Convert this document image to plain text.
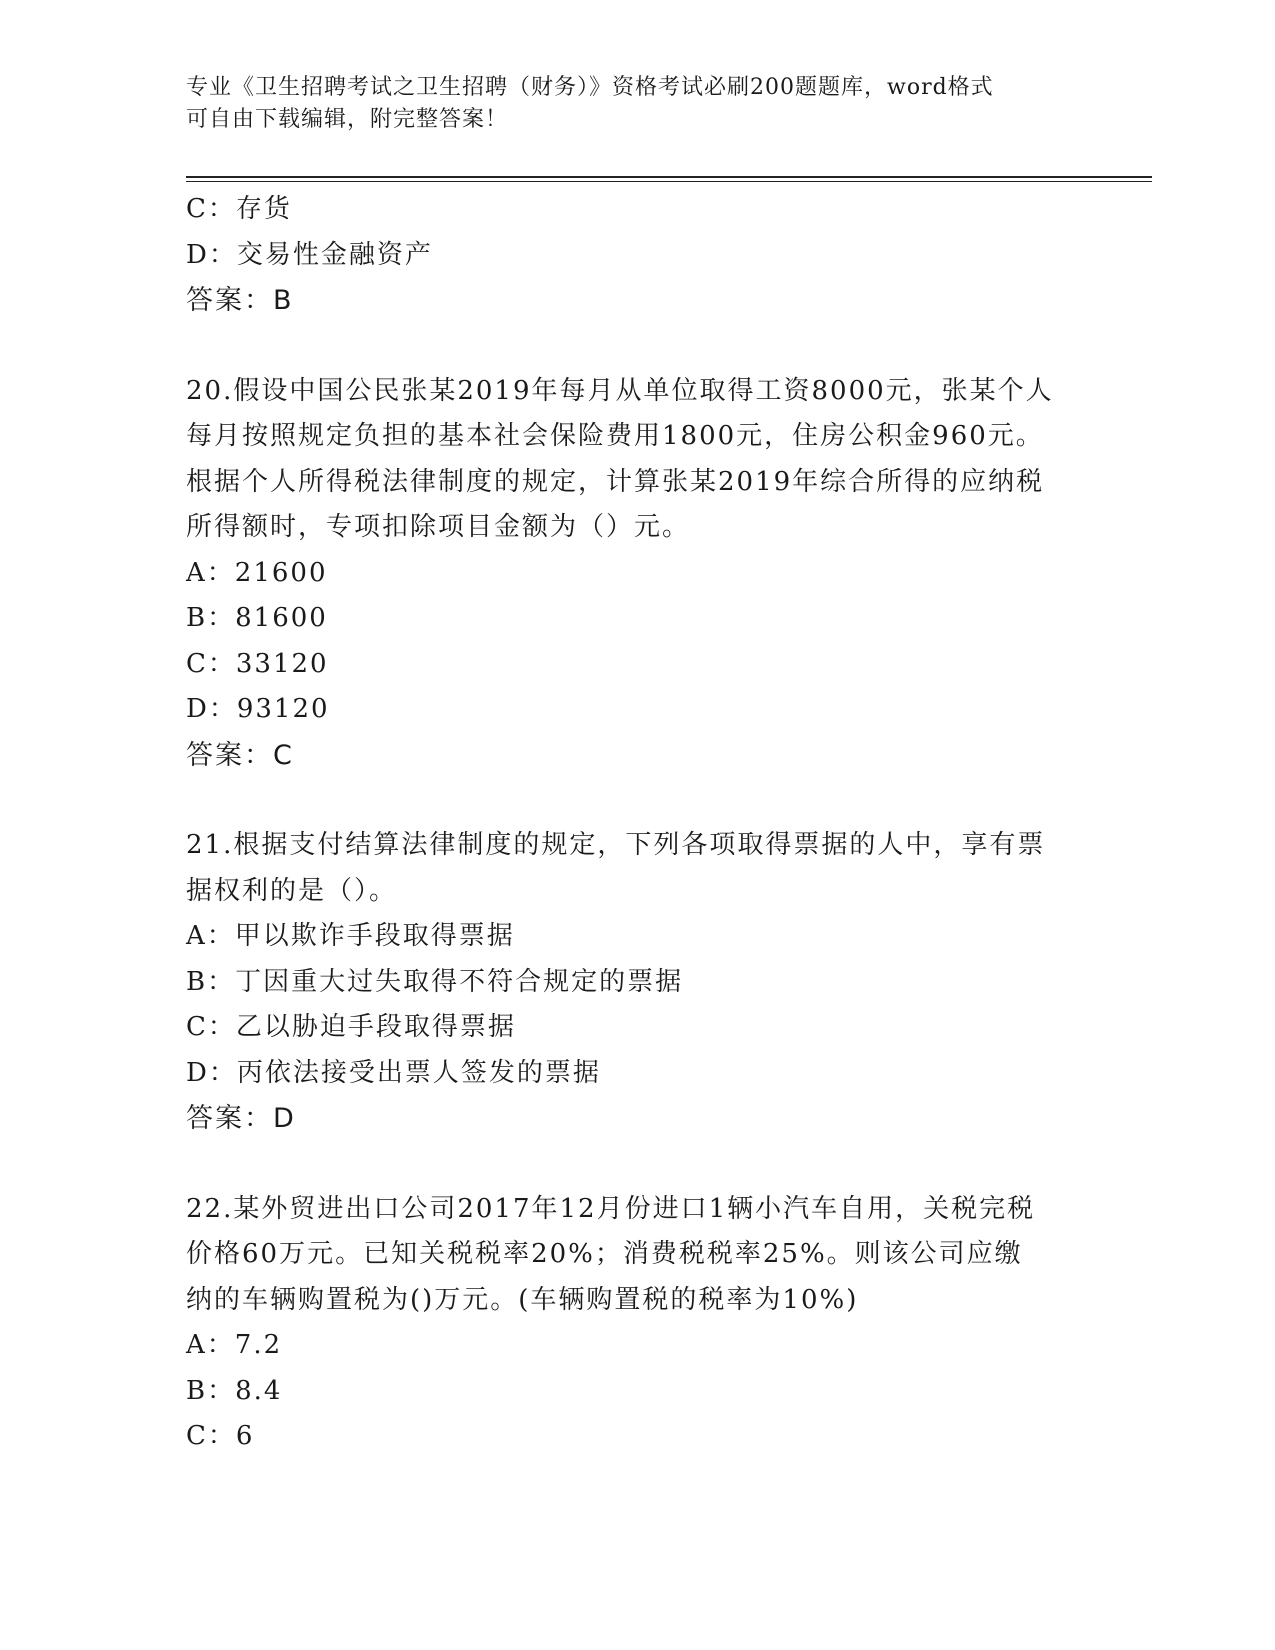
专业《卫生招聘考试之卫生招聘（财务）》资格考试必刷200题题库，word格式
可自由下载编辑，附完整答案！
C：存货
D：交易性金融资产
答案：B
20.假设中国公民张某2019年每月从单位取得工资8000元，张某个人
每月按照规定负担的基本社会保险费用1800元，住房公积金960元。
根据个人所得税法律制度的规定，计算张某2019年综合所得的应纳税
所得额时，专项扣除项目金额为（）元。
A：21600
B：81600
C：33120
D：93120
答案：C
21.根据支付结算法律制度的规定，下列各项取得票据的人中，享有票
据权利的是（）。
A：甲以欺诈手段取得票据
B：丁因重大过失取得不符合规定的票据
C：乙以胁迫手段取得票据
D：丙依法接受出票人签发的票据
答案：D
22.某外贸进出口公司2017年12月份进口1辆小汽车自用，关税完税
价格60万元。已知关税税率20%；消费税税率25%。则该公司应缴
纳的车辆购置税为()万元。(车辆购置税的税率为10%)
A：7.2
B：8.4
C：6
